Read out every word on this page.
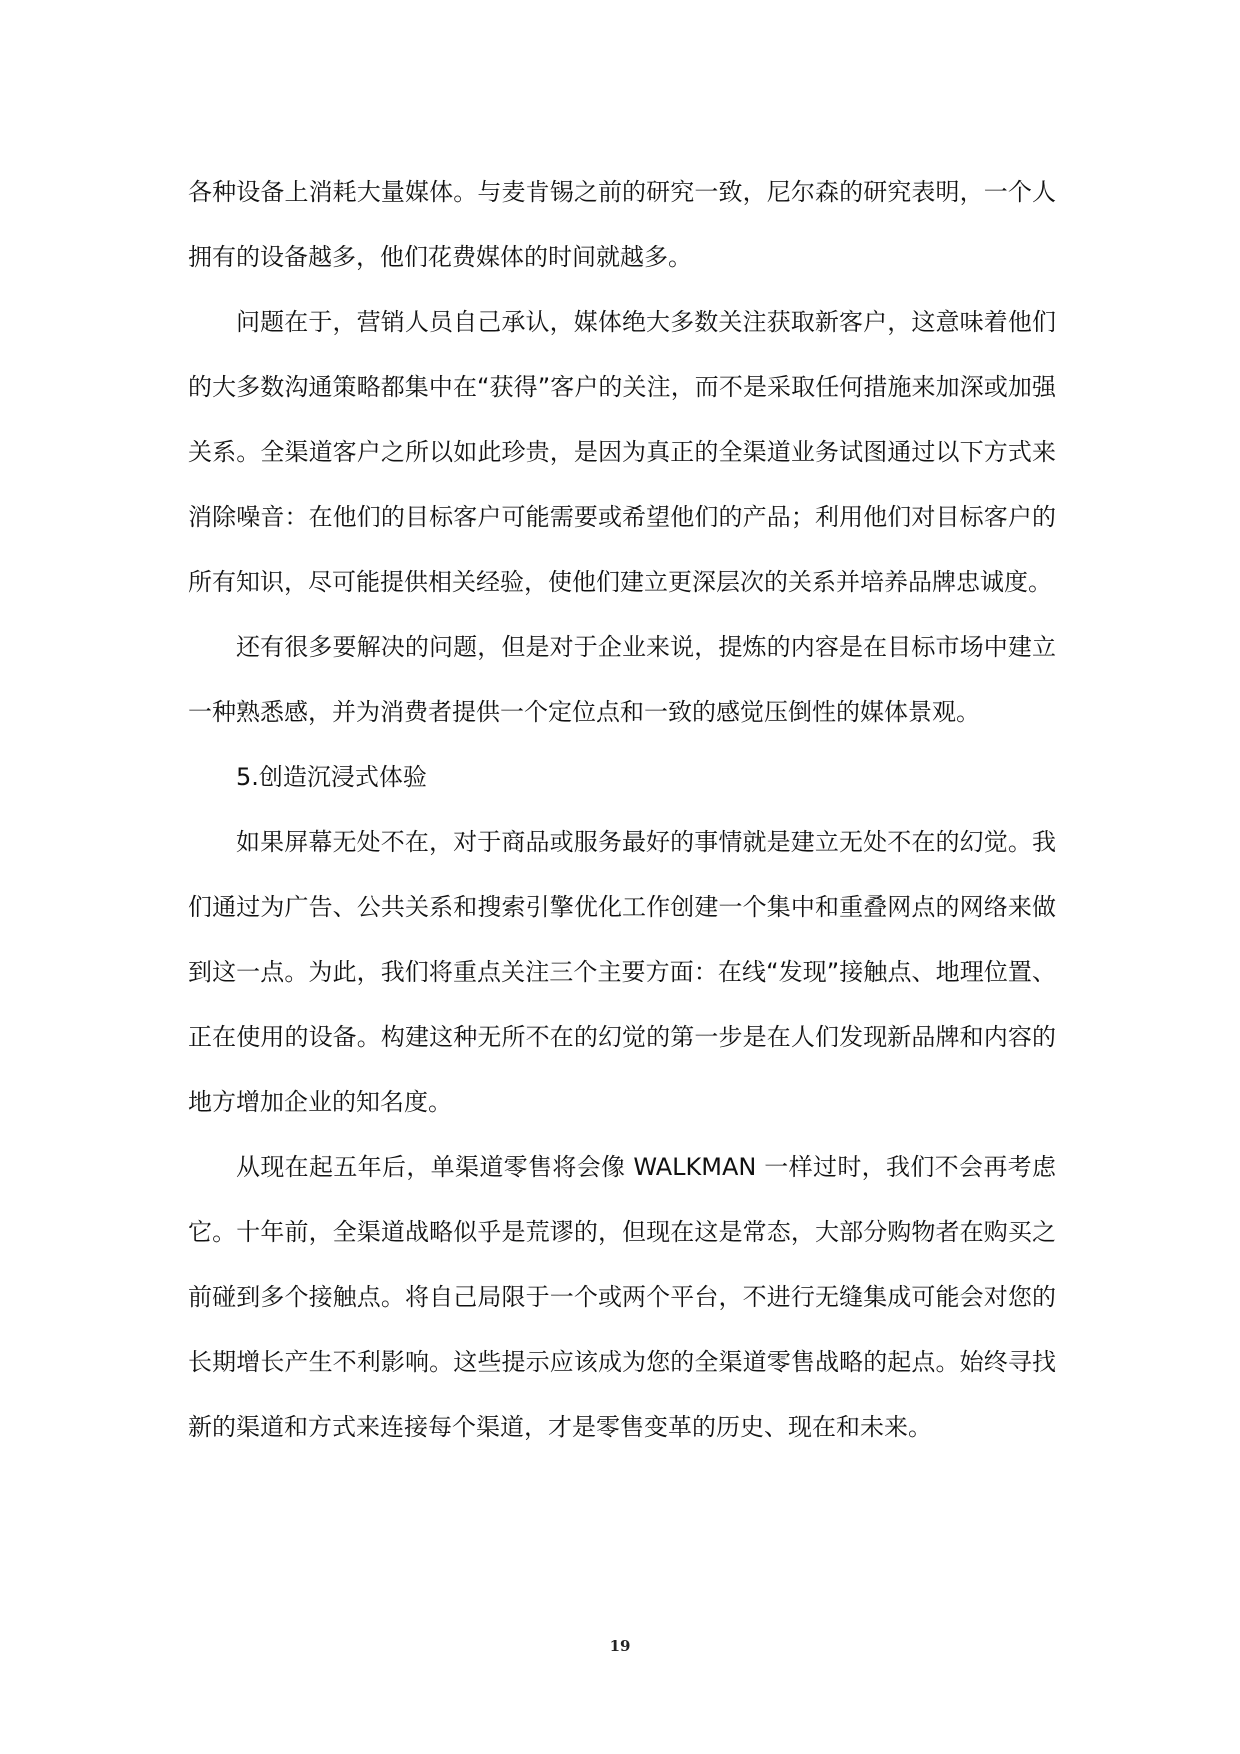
各种设备上消耗大量媒体。与麦肯锡之前的研究一致，尼尔森的研究表明，一个人拥有的设备越多，他们花费媒体的时间就越多。

问题在于，营销人员自己承认，媒体绝大多数关注获取新客户，这意味着他们的大多数沟通策略都集中在“获得”客户的关注，而不是采取任何措施来加深或加强关系。全渠道客户之所以如此珍贵，是因为真正的全渠道业务试图通过以下方式来消除噪音：在他们的目标客户可能需要或希望他们的产品；利用他们对目标客户的所有知识，尽可能提供相关经验，使他们建立更深层次的关系并培养品牌忠诚度。

还有很多要解决的问题，但是对于企业来说，提炼的内容是在目标市场中建立一种熟悉感，并为消费者提供一个定位点和一致的感觉压倒性的媒体景观。

5.创造沉浸式体验

如果屏幕无处不在，对于商品或服务最好的事情就是建立无处不在的幻觉。我们通过为广告、公共关系和搜索引擎优化工作创建一个集中和重叠网点的网络来做到这一点。为此，我们将重点关注三个主要方面：在线“发现”接触点、地理位置、正在使用的设备。构建这种无所不在的幻觉的第一步是在人们发现新品牌和内容的地方增加企业的知名度。

从现在起五年后，单渠道零售将会像 WALKMAN 一样过时，我们不会再考虑它。十年前，全渠道战略似乎是荒谬的，但现在这是常态，大部分购物者在购买之前碰到多个接触点。将自己局限于一个或两个平台，不进行无缝集成可能会对您的长期增长产生不利影响。这些提示应该成为您的全渠道零售战略的起点。始终寻找新的渠道和方式来连接每个渠道，才是零售变革的历史、现在和未来。

19
